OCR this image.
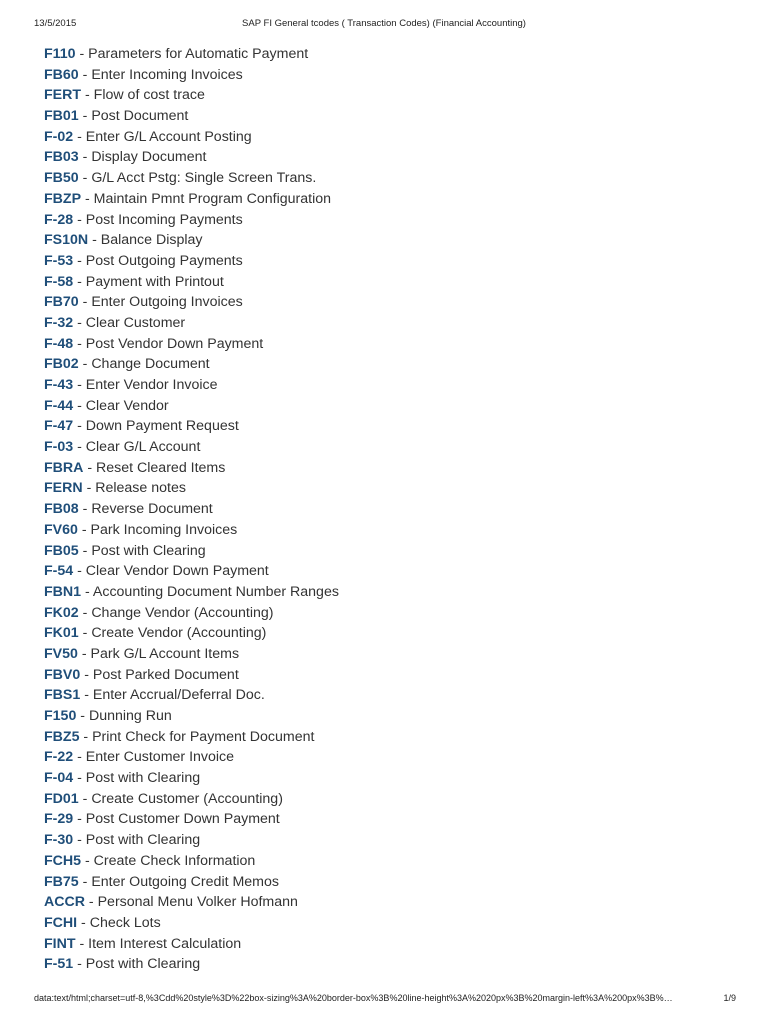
13/5/2015	SAP FI General tcodes ( Transaction Codes) (Financial Accounting)
F110 - Parameters for Automatic Payment
FB60 - Enter Incoming Invoices
FERT - Flow of cost trace
FB01 - Post Document
F-02 - Enter G/L Account Posting
FB03 - Display Document
FB50 - G/L Acct Pstg: Single Screen Trans.
FBZP - Maintain Pmnt Program Configuration
F-28 - Post Incoming Payments
FS10N - Balance Display
F-53 - Post Outgoing Payments
F-58 - Payment with Printout
FB70 - Enter Outgoing Invoices
F-32 - Clear Customer
F-48 - Post Vendor Down Payment
FB02 - Change Document
F-43 - Enter Vendor Invoice
F-44 - Clear Vendor
F-47 - Down Payment Request
F-03 - Clear G/L Account
FBRA - Reset Cleared Items
FERN - Release notes
FB08 - Reverse Document
FV60 - Park Incoming Invoices
FB05 - Post with Clearing
F-54 - Clear Vendor Down Payment
FBN1 - Accounting Document Number Ranges
FK02 - Change Vendor (Accounting)
FK01 - Create Vendor (Accounting)
FV50 - Park G/L Account Items
FBV0 - Post Parked Document
FBS1 - Enter Accrual/Deferral Doc.
F150 - Dunning Run
FBZ5 - Print Check for Payment Document
F-22 - Enter Customer Invoice
F-04 - Post with Clearing
FD01 - Create Customer (Accounting)
F-29 - Post Customer Down Payment
F-30 - Post with Clearing
FCH5 - Create Check Information
FB75 - Enter Outgoing Credit Memos
ACCR - Personal Menu Volker Hofmann
FCHI - Check Lots
FINT - Item Interest Calculation
F-51 - Post with Clearing
data:text/html;charset=utf-8,%3Cdd%20style%3D%22box-sizing%3A%20border-box%3B%20line-height%3A%2020px%3B%20margin-left%3A%200px%3B%…	1/9
